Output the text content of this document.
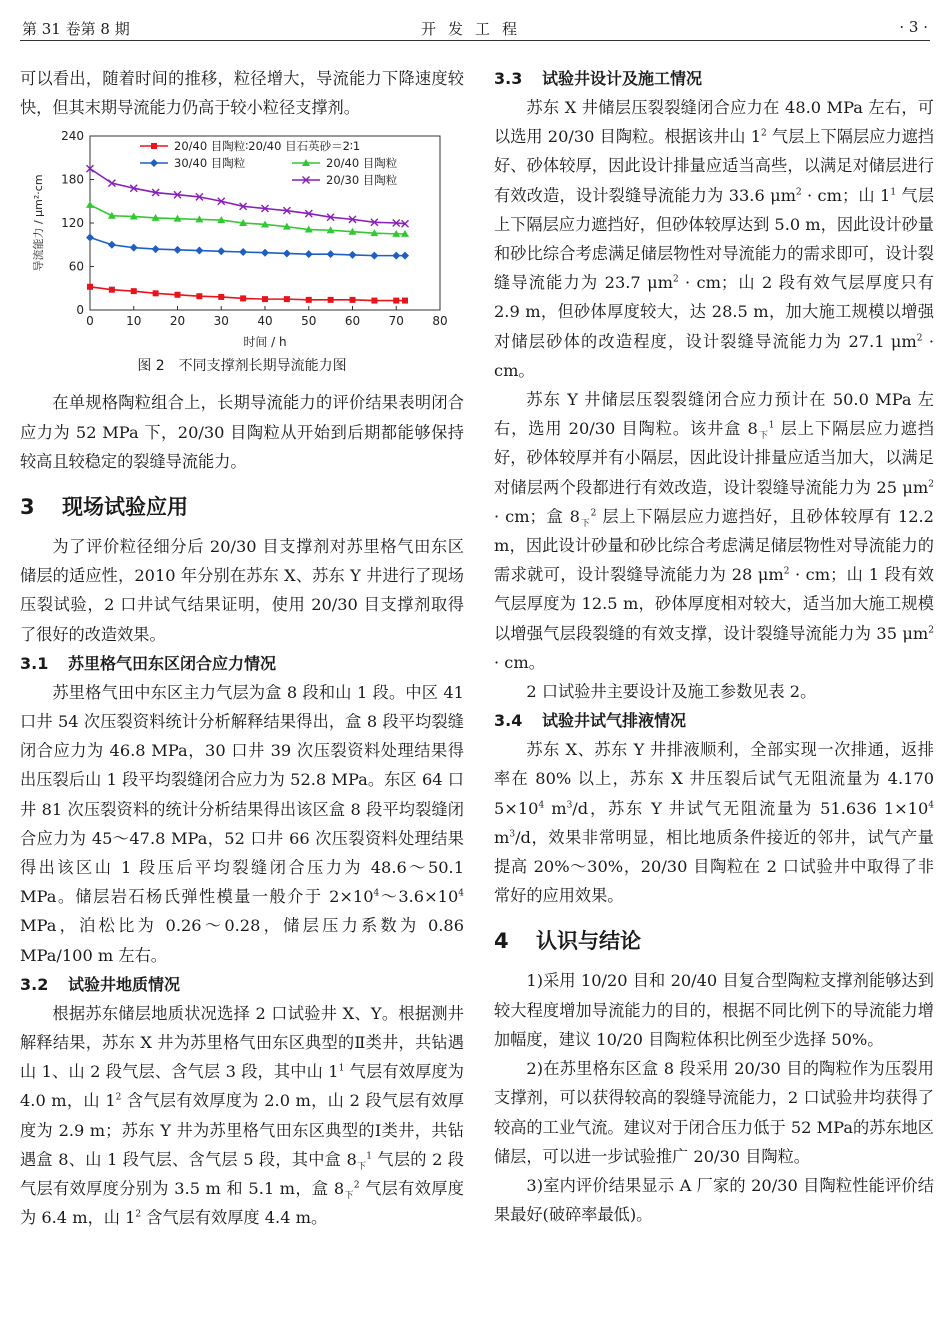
第 31 卷第 8 期	开发工程	· 3 ·

可以看出，随着时间的推移，粒径增大，导流能力下降速度较快，但其末期导流能力仍高于较小粒径支撑剂。

0	10 20 30 40 50 60 70 80
0
60
120
180
240
时间 / h
导流能力 / μm²·cm
20/40 目陶粒∶20/40 目石英砂＝2∶1
30/40 目陶粒	20/40 目陶粒
20/30 目陶粒
图 2　不同支撑剂长期导流能力图

在单规格陶粒组合上，长期导流能力的评价结果表明闭合应力为 52 MPa 下，20/30 目陶粒从开始到后期都能够保持较高且较稳定的裂缝导流能力。

3 现场试验应用

为了评价粒径细分后 20/30 目支撑剂对苏里格气田东区储层的适应性，2010 年分别在苏东 X、苏东 Y 井进行了现场压裂试验，2 口井试气结果证明，使用 20/30 目支撑剂取得了很好的改造效果。

3.1 苏里格气田东区闭合应力情况

苏里格气田中东区主力气层为盒 8 段和山 1 段。中区 41 口井 54 次压裂资料统计分析解释结果得出，盒 8 段平均裂缝闭合应力为 46.8 MPa，30 口井 39 次压裂资料处理结果得出压裂后山 1 段平均裂缝闭合应力为 52.8 MPa。东区 64 口井 81 次压裂资料的统计分析结果得出该区盒 8 段平均裂缝闭合应力为 45～47.8 MPa，52 口井 66 次压裂资料处理结果得出该区山 1 段压后平均裂缝闭合压力为 48.6～50.1 MPa。储层岩石杨氏弹性模量一般介于 $2\times 10^4\sim 3.6\times 10^4$ MPa，泊松比为 0.26～0.28，储层压力系数为 0.86 MPa/100 m 左右。

3.2 试验井地质情况

根据苏东储层地质状况选择 2 口试验井 X、Y。根据测井解释结果，苏东 X 井为苏里格气田东区典型的Ⅱ类井，共钻遇山 1、山 2 段气层、含气层 3 段，其中山 $1^1$ 气层有效厚度为 4.0 m，山 $1^2$ 含气层有效厚度为 2.0 m，山 2 段气层有效厚度为 2.9 m；苏东 Y 井为苏里格气田东区典型的Ⅰ类井，共钻遇盒 8、山 1 段气层、含气层 5 段，其中盒 $8_下^1$ 气层的 2 段气层有效厚度分别为 3.5 m 和 5.1 m，盒 $8_下^2$ 气层有效厚度为 6.4 m，山 $1^2$ 含气层有效厚度 4.4 m。

3.3 试验井设计及施工情况

苏东 X 井储层压裂裂缝闭合应力在 48.0 MPa 左右，可以选用 20/30 目陶粒。根据该井山 $1^2$ 气层上下隔层应力遮挡好、砂体较厚，因此设计排量应适当高些，以满足对储层进行有效改造，设计裂缝导流能力为 33.6 $\mu m^2$ · cm；山 $1^1$ 气层上下隔层应力遮挡好，但砂体较厚达到 5.0 m，因此设计砂量和砂比综合考虑满足储层物性对导流能力的需求即可，设计裂缝导流能力为 23.7 $\mu m^2$ · cm；山 2 段有效气层厚度只有 2.9 m，但砂体厚度较大，达 28.5 m，加大施工规模以增强对储层砂体的改造程度，设计裂缝导流能力为 27.1 $\mu m^2$ · cm。

苏东 Y 井储层压裂裂缝闭合应力预计在 50.0 MPa 左右，选用 20/30 目陶粒。该井盒 $8_下^1$ 层上下隔层应力遮挡好，砂体较厚并有小隔层，因此设计排量应适当加大，以满足对储层两个段都进行有效改造，设计裂缝导流能力为 25 $\mu m^2$ · cm；盒 $8_下^2$ 层上下隔层应力遮挡好，且砂体较厚有 12.2 m，因此设计砂量和砂比综合考虑满足储层物性对导流能力的需求就可，设计裂缝导流能力为 28 $\mu m^2$ · cm；山 1 段有效气层厚度为 12.5 m，砂体厚度相对较大，适当加大施工规模以增强气层段裂缝的有效支撑，设计裂缝导流能力为 35 $\mu m^2$ · cm。

2 口试验井主要设计及施工参数见表 2。

3.4 试验井试气排液情况

苏东 X、苏东 Y 井排液顺利，全部实现一次排通，返排率在 80% 以上，苏东 X 井压裂后试气无阻流量为 4.170 $5\times 10^4$ $m^3/d$，苏东 Y 井试气无阻流量为 51.636 $1\times 10^4$ $m^3/d$，效果非常明显，相比地质条件接近的邻井，试气产量提高 20%～30%，20/30 目陶粒在 2 口试验井中取得了非常好的应用效果。

4 认识与结论

1)采用 10/20 目和 20/40 目复合型陶粒支撑剂能够达到较大程度增加导流能力的目的，根据不同比例下的导流能力增加幅度，建议 10/20 目陶粒体积比例至少选择 50%。

2)在苏里格东区盒 8 段采用 20/30 目的陶粒作为压裂用支撑剂，可以获得较高的裂缝导流能力，2 口试验井均获得了较高的工业气流。建议对于闭合压力低于 52 MPa的苏东地区储层，可以进一步试验推广 20/30 目陶粒。

3)室内评价结果显示 A 厂家的 20/30 目陶粒性能评价结果最好(破碎率最低)。
